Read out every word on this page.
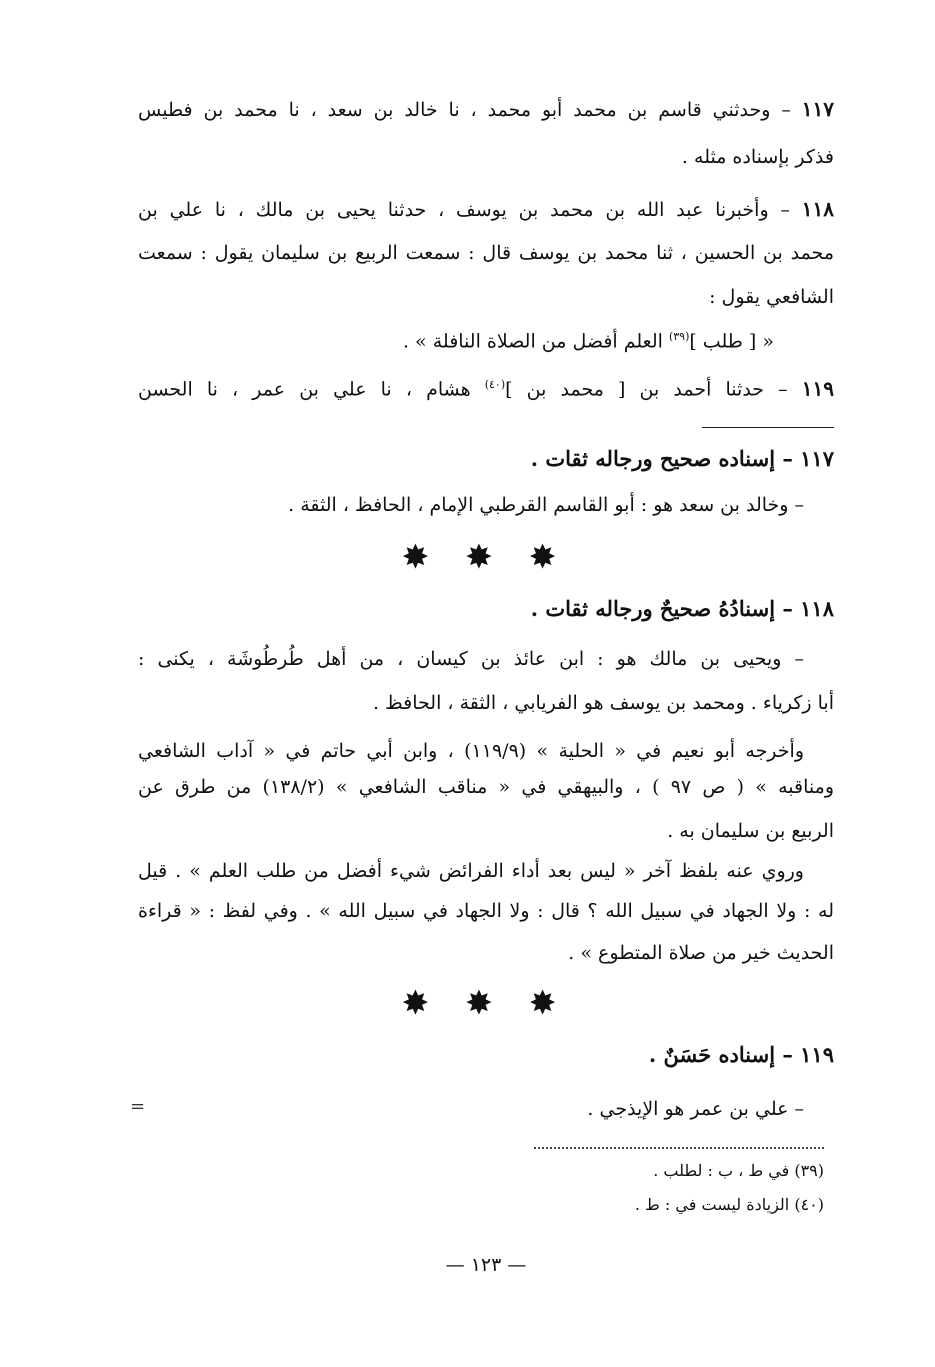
١١٧ – وحدثني قاسم بن محمد أبو محمد ، نا خالد بن سعد ، نا محمد بن فطيس
فذكر بإسناده مثله .
١١٨ – وأخبرنا عبد الله بن محمد بن يوسف ، حدثنا يحيى بن مالك ، نا علي بن
محمد بن الحسين ، ثنا محمد بن يوسف قال : سمعت الربيع بن سليمان يقول : سمعت
الشافعي يقول :
« [ طلب ]$^{(٣٩)}$ العلم أفضل من الصلاة النافلة » .
١١٩ – حدثنا أحمد بن [ محمد بن ]$^{(٤٠)}$ هشام ، نا علي بن عمر ، نا الحسن
١١٧ – إسناده صحيح ورجاله ثقات .
– وخالد بن سعد هو : أبو القاسم القرطبي الإمام ، الحافظ ، الثقة .
✸ ✸ ✸
١١٨ – إسنادُهُ صحيحٌ ورجاله ثقات .
– ويحيى بن مالك هو : ابن عائذ بن كيسان ، من أهل طُرطُوشَة ، يكنى :
أبا زكرياء . ومحمد بن يوسف هو الفريابي ، الثقة ، الحافظ .
وأخرجه أبو نعيم في « الحلية » (١١٩/٩) ، وابن أبي حاتم في « آداب الشافعي
ومناقبه » ( ص ٩٧ ) ، والبيهقي في « مناقب الشافعي » (١٣٨/٢) من طرق عن
الربيع بن سليمان به .
وروي عنه بلفظ آخر « ليس بعد أداء الفرائض شيء أفضل من طلب العلم » . قيل
له : ولا الجهاد في سبيل الله ؟ قال : ولا الجهاد في سبيل الله » . وفي لفظ : « قراءة
الحديث خير من صلاة المتطوع » .
✸ ✸ ✸
١١٩ – إسناده حَسَنٌ .
– علي بن عمر هو الإيذجي .
(٣٩) في ط ، ب : لطلب .
(٤٠) الزيادة ليست في : ط .
— ١٢٣ —
=
